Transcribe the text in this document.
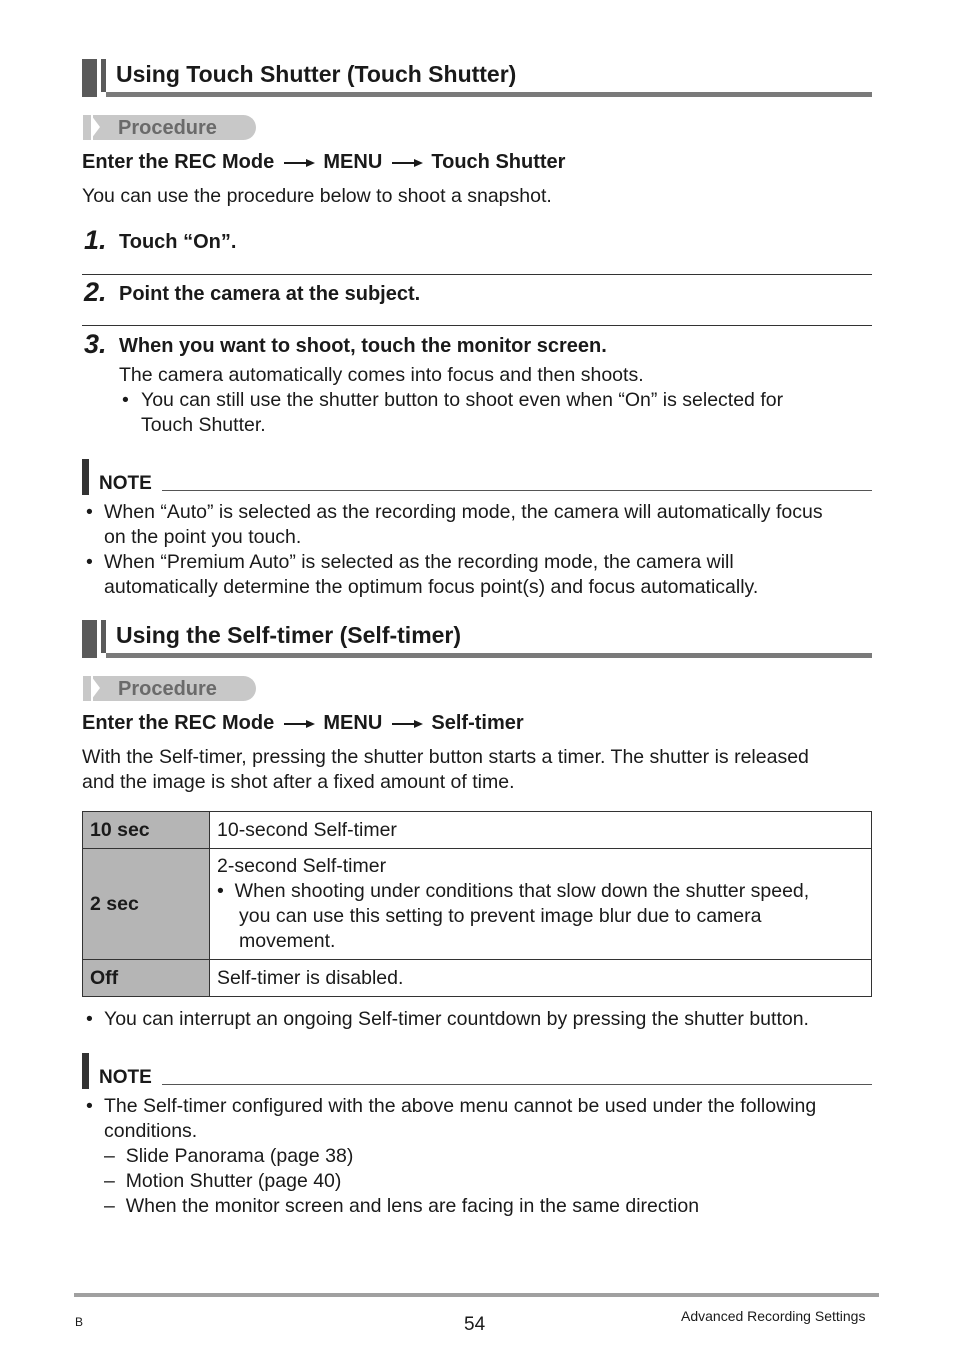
Using Touch Shutter (Touch Shutter)
Procedure
Enter the REC Mode MENU Touch Shutter
You can use the procedure below to shoot a snapshot.
1. Touch “On”.
2. Point the camera at the subject.
3. When you want to shoot, touch the monitor screen.
The camera automatically comes into focus and then shoots.
• You can still use the shutter button to shoot even when “On” is selected for
Touch Shutter.
NOTE
• When “Auto” is selected as the recording mode, the camera will automatically focus
on the point you touch.
• When “Premium Auto” is selected as the recording mode, the camera will
automatically determine the optimum focus point(s) and focus automatically.
Using the Self-timer (Self-timer)
Procedure
Enter the REC Mode MENU Self-timer
With the Self-timer, pressing the shutter button starts a timer. The shutter is released
and the image is shot after a fixed amount of time.
10 sec	10-second Self-timer
2 sec	2-second Self-timer
• When shooting under conditions that slow down the shutter speed,
you can use this setting to prevent image blur due to camera
movement.

Off	Self-timer is disabled.
• You can interrupt an ongoing Self-timer countdown by pressing the shutter button.
NOTE
• The Self-timer configured with the above menu cannot be used under the following
conditions.
–  Slide Panorama (page 38)
–  Motion Shutter (page 40)
–  When the monitor screen and lens are facing in the same direction
B	54	Advanced Recording Settings
